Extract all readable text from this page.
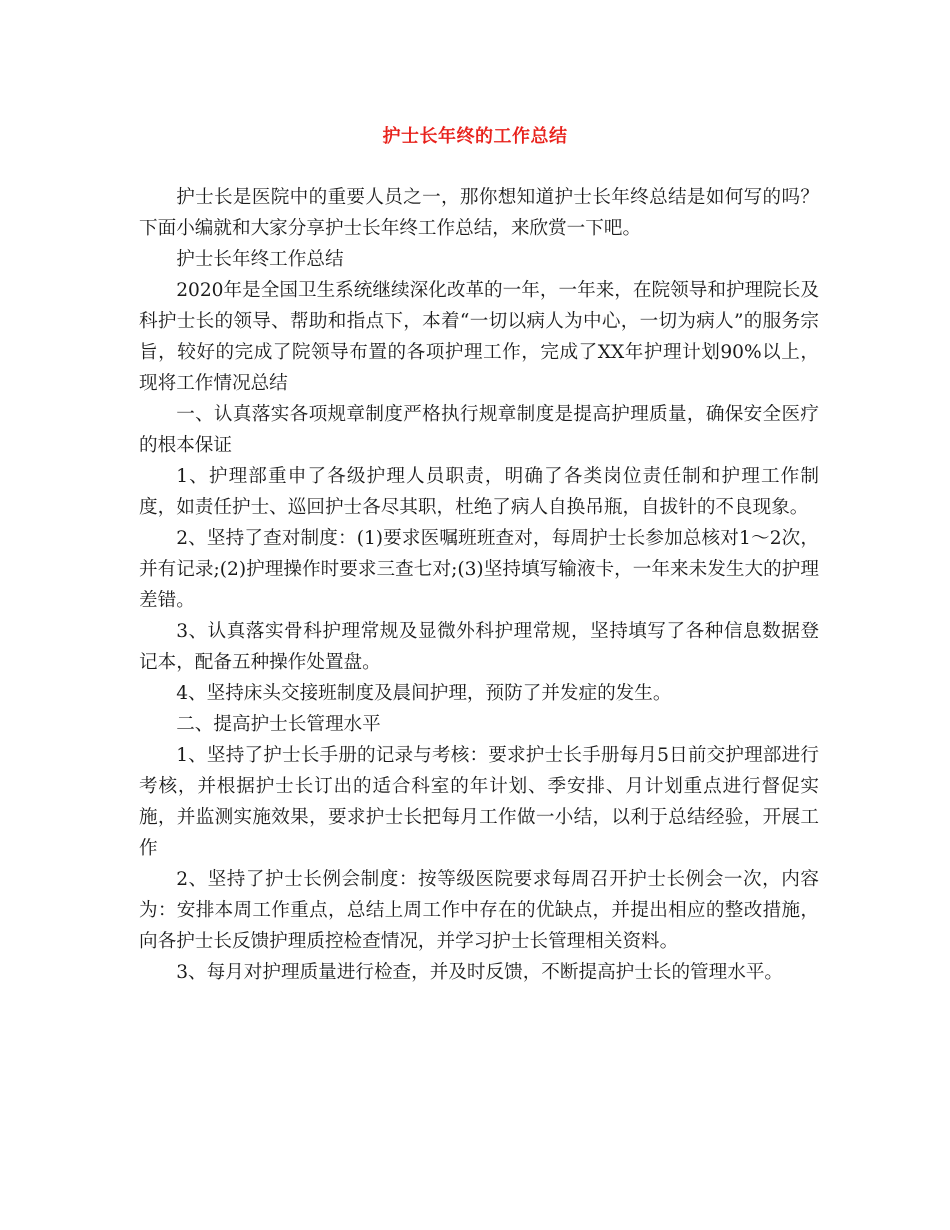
护士长年终的工作总结

护士长是医院中的重要人员之一，那你想知道护士长年终总结是如何写的吗？下面小编就和大家分享护士长年终工作总结，来欣赏一下吧。

护士长年终工作总结

2020年是全国卫生系统继续深化改革的一年，一年来，在院领导和护理院长及科护士长的领导、帮助和指点下，本着“一切以病人为中心，一切为病人”的服务宗旨，较好的完成了院领导布置的各项护理工作，完成了XX年护理计划90%以上，现将工作情况总结

一、认真落实各项规章制度严格执行规章制度是提高护理质量，确保安全医疗的根本保证

1、护理部重申了各级护理人员职责，明确了各类岗位责任制和护理工作制度，如责任护士、巡回护士各尽其职，杜绝了病人自换吊瓶，自拔针的不良现象。

2、坚持了查对制度：(1)要求医嘱班班查对，每周护士长参加总核对1～2次，并有记录;(2)护理操作时要求三查七对;(3)坚持填写输液卡，一年来未发生大的护理差错。

3、认真落实骨科护理常规及显微外科护理常规，坚持填写了各种信息数据登记本，配备五种操作处置盘。

4、坚持床头交接班制度及晨间护理，预防了并发症的发生。

二、提高护士长管理水平

1、坚持了护士长手册的记录与考核：要求护士长手册每月5日前交护理部进行考核，并根据护士长订出的适合科室的年计划、季安排、月计划重点进行督促实施，并监测实施效果，要求护士长把每月工作做一小结，以利于总结经验，开展工作

2、坚持了护士长例会制度：按等级医院要求每周召开护士长例会一次，内容为：安排本周工作重点，总结上周工作中存在的优缺点，并提出相应的整改措施，向各护士长反馈护理质控检查情况，并学习护士长管理相关资料。

3、每月对护理质量进行检查，并及时反馈，不断提高护士长的管理水平。
